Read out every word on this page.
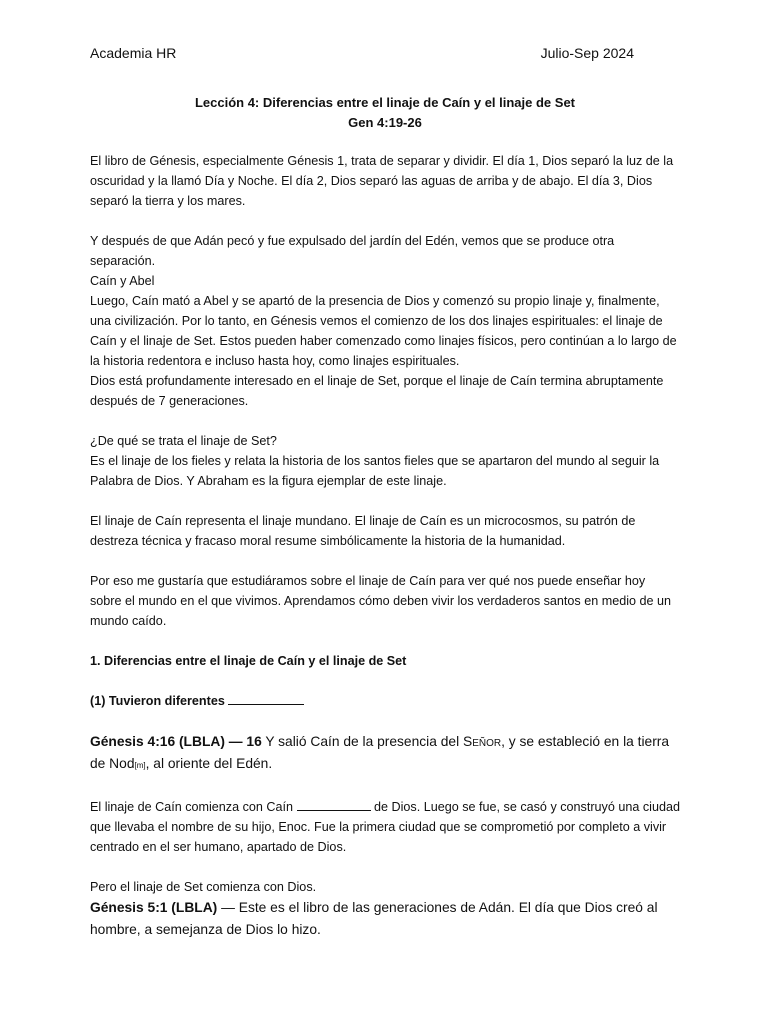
Academia HR	Julio-Sep 2024
Lección 4: Diferencias entre el linaje de Caín y el linaje de Set
Gen 4:19-26

El libro de Génesis, especialmente Génesis 1, trata de separar y dividir. El día 1, Dios separó la luz de la oscuridad y la llamó Día y Noche. El día 2, Dios separó las aguas de arriba y de abajo. El día 3, Dios separó la tierra y los mares.

Y después de que Adán pecó y fue expulsado del jardín del Edén, vemos que se produce otra separación.
Caín y Abel
Luego, Caín mató a Abel y se apartó de la presencia de Dios y comenzó su propio linaje y, finalmente, una civilización. Por lo tanto, en Génesis vemos el comienzo de los dos linajes espirituales: el linaje de Caín y el linaje de Set. Estos pueden haber comenzado como linajes físicos, pero continúan a lo largo de la historia redentora e incluso hasta hoy, como linajes espirituales.
Dios está profundamente interesado en el linaje de Set, porque el linaje de Caín termina abruptamente después de 7 generaciones.

¿De qué se trata el linaje de Set?
Es el linaje de los fieles y relata la historia de los santos fieles que se apartaron del mundo al seguir la Palabra de Dios. Y Abraham es la figura ejemplar de este linaje.

El linaje de Caín representa el linaje mundano. El linaje de Caín es un microcosmos, su patrón de destreza técnica y fracaso moral resume simbólicamente la historia de la humanidad.

Por eso me gustaría que estudiáramos sobre el linaje de Caín para ver qué nos puede enseñar hoy sobre el mundo en el que vivimos. Aprendamos cómo deben vivir los verdaderos santos en medio de un mundo caído.

1. Diferencias entre el linaje de Caín y el linaje de Set

(1) Tuvieron diferentes

Génesis 4:16 (LBLA) — 16 Y salió Caín de la presencia del Señor, y se estableció en la tierra de Nod[m], al oriente del Edén.

El linaje de Caín comienza con Caín	de Dios. Luego se fue, se casó y construyó una ciudad que llevaba el nombre de su hijo, Enoc. Fue la primera ciudad que se comprometió por completo a vivir centrado en el ser humano, apartado de Dios.

Pero el linaje de Set comienza con Dios.
Génesis 5:1 (LBLA) — Este es el libro de las generaciones de Adán. El día que Dios creó al hombre, a semejanza de Dios lo hizo.
